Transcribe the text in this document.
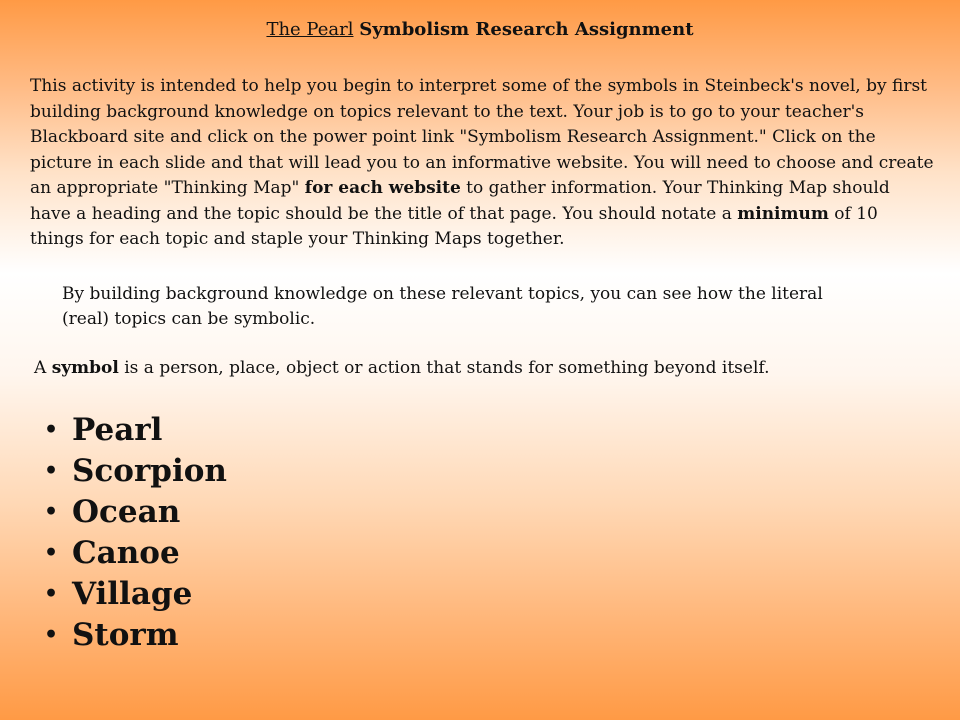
The Pearl Symbolism Research Assignment
This activity is intended to help you begin to interpret some of the symbols in Steinbeck's novel, by first building background knowledge on topics relevant to the text. Your job is to go to your teacher's Blackboard site and click on the power point link "Symbolism Research Assignment." Click on the picture in each slide and that will lead you to an informative website. You will need to choose and create an appropriate "Thinking Map" for each website to gather information. Your Thinking Map should have a heading and the topic should be the title of that page. You should notate a minimum of 10 things for each topic and staple your Thinking Maps together.
By building background knowledge on these relevant topics, you can see how the literal (real) topics can be symbolic.
A symbol is a person, place, object or action that stands for something beyond itself.
• Pearl
• Scorpion
• Ocean
• Canoe
• Village
• Storm
